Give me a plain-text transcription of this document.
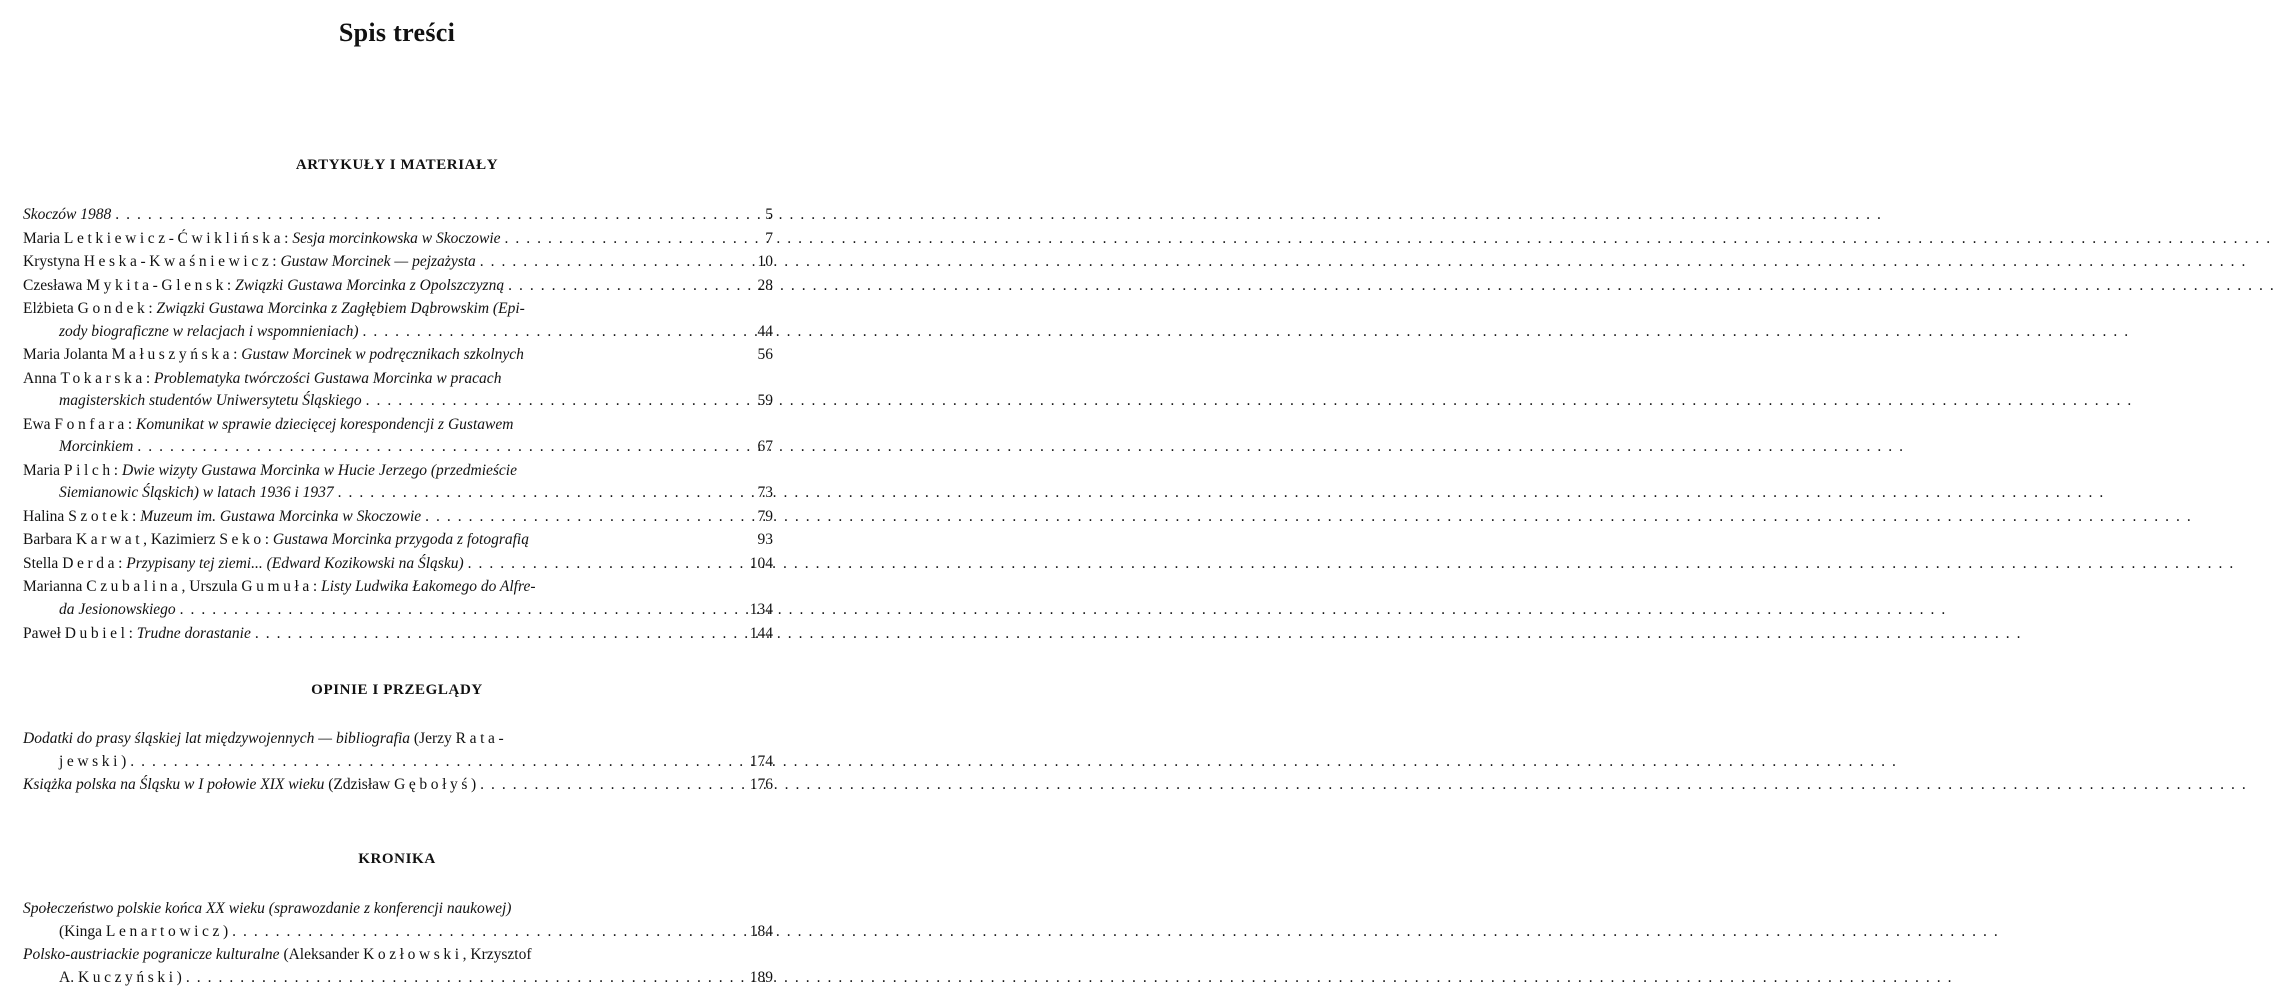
Spis treści
ARTYKUŁY I MATERIAŁY
Skoczów 1988 .....	5
Maria Letkiewicz-Ćwiklińska: Sesja morcinkowska w Skoczowie .....	7
Krystyna Heska-Kwaśniewicz: Gustaw Morcinek — pejzażysta .....	10
Czesława Mykita-Glensk: Związki Gustawa Morcinka z Opolszczyzną .....	28
Elżbieta Gondek: Związki Gustawa Morcinka z Zagłębiem Dąbrowskim (Epi-
zody biograficzne w relacjach i wspomnieniach) .....	44
Maria Jolanta Małuszyńska: Gustaw Morcinek w podręcznikach szkolnych	56
Anna Tokarska: Problematyka twórczości Gustawa Morcinka w pracach
magisterskich studentów Uniwersytetu Śląskiego .....	59
Ewa Fonfara: Komunikat w sprawie dziecięcej korespondencji z Gustawem
Morcinkiem .....	67
Maria Pilch: Dwie wizyty Gustawa Morcinka w Hucie Jerzego (przedmieście
Siemianowic Śląskich) w latach 1936 i 1937 .....	73
Halina Szotek: Muzeum im. Gustawa Morcinka w Skoczowie .....	79
Barbara Karwat, Kazimierz Seko: Gustawa Morcinka przygoda z fotografią	93
Stella Derda: Przypisany tej ziemi... (Edward Kozikowski na Śląsku) .....	104
Marianna Czubalina, Urszula Gumuła: Listy Ludwika Łakomego do Alfre-
da Jesionowskiego .....	134
Paweł Dubiel: Trudne dorastanie .....	144
OPINIE I PRZEGLĄDY
Dodatki do prasy śląskiej lat międzywojennych — bibliografia (Jerzy Rata-
jewski) .....	174
Książka polska na Śląsku w I połowie XIX wieku (Zdzisław Gębołyś) .....	176
KRONIKA
Społeczeństwo polskie końca XX wieku (sprawozdanie z konferencji naukowej)
(Kinga Lenartowicz) .....	184
Polsko-austriackie pogranicze kulturalne (Aleksander Kozłowski, Krzysztof
A. Kuczyński) .....	189
